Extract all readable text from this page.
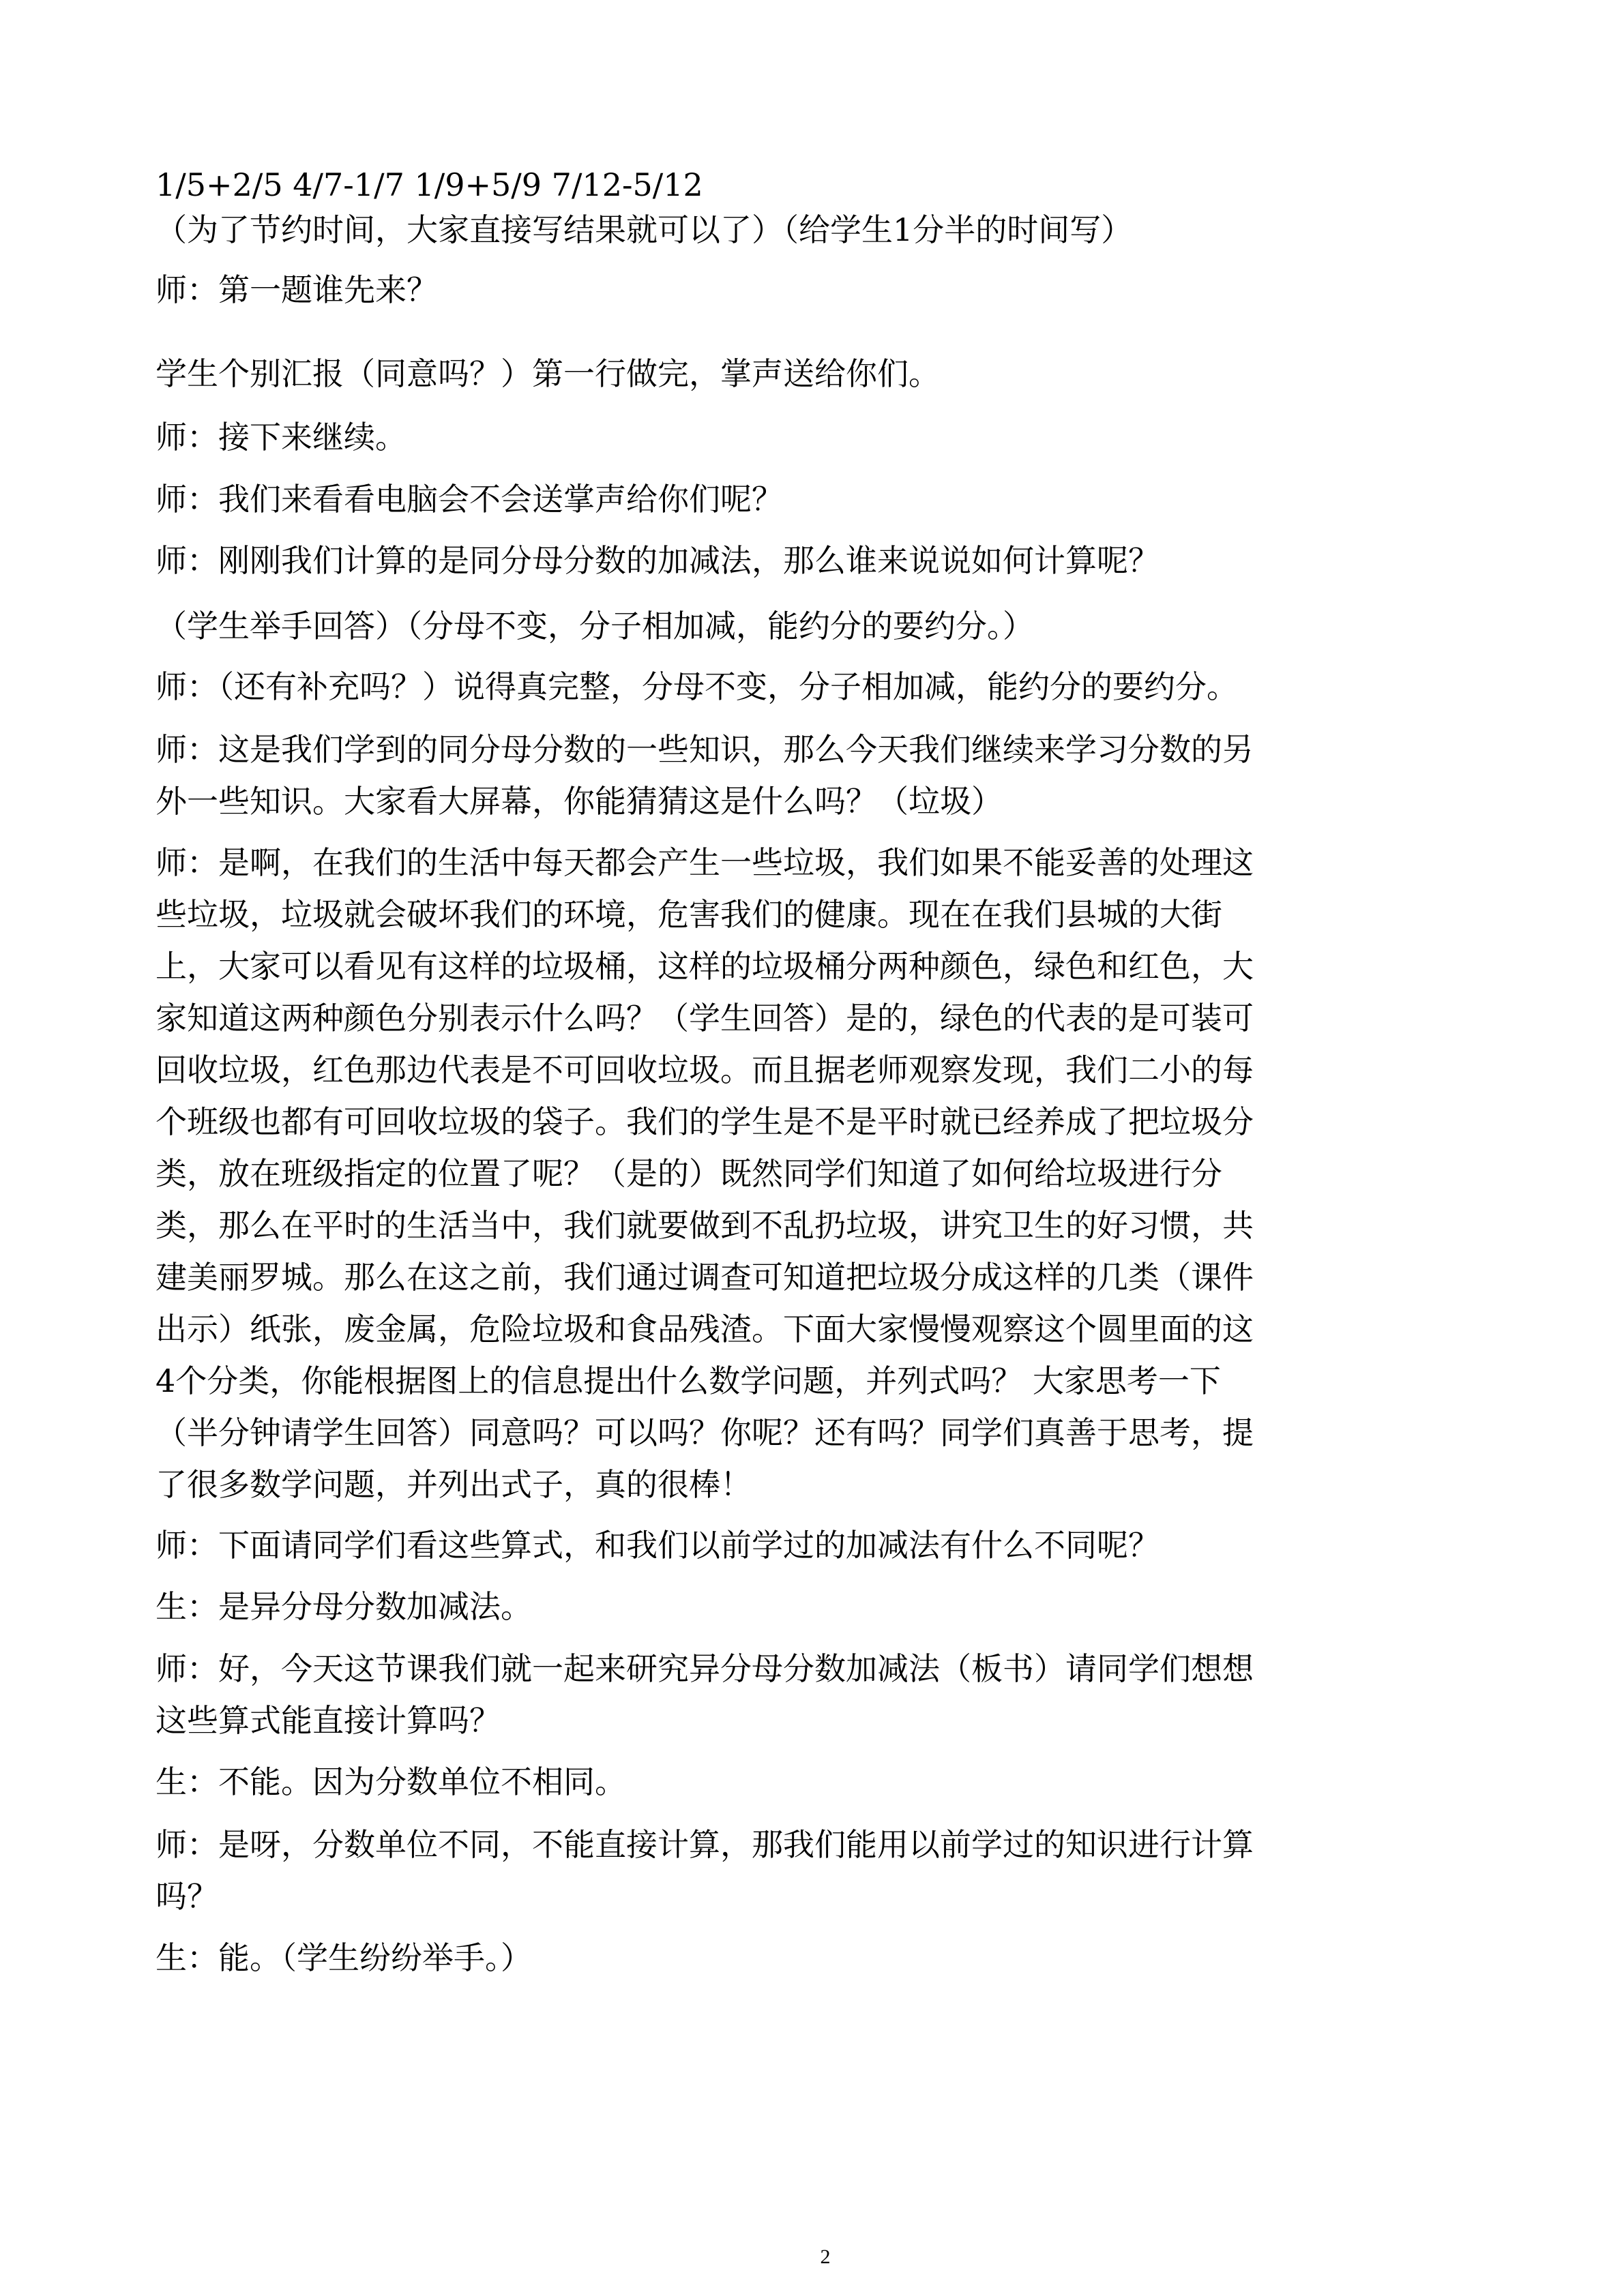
1/5+2/5 4/7-1/7 1/9+5/9 7/12-5/12
（为了节约时间，大家直接写结果就可以了）（给学生1分半的时间写）
师：第一题谁先来？
学生个别汇报（同意吗？）第一行做完，掌声送给你们。
师：接下来继续。
师：我们来看看电脑会不会送掌声给你们呢？
师：刚刚我们计算的是同分母分数的加减法，那么谁来说说如何计算呢？
（学生举手回答）（分母不变，分子相加减，能约分的要约分。）
师：（还有补充吗？）说得真完整，分母不变，分子相加减，能约分的要约分。
师：这是我们学到的同分母分数的一些知识，那么今天我们继续来学习分数的另
外一些知识。大家看大屏幕，你能猜猜这是什么吗？（垃圾）
师：是啊，在我们的生活中每天都会产生一些垃圾，我们如果不能妥善的处理这
些垃圾，垃圾就会破坏我们的环境，危害我们的健康。现在在我们县城的大街
上，大家可以看见有这样的垃圾桶，这样的垃圾桶分两种颜色，绿色和红色，大
家知道这两种颜色分别表示什么吗？（学生回答）是的，绿色的代表的是可装可
回收垃圾，红色那边代表是不可回收垃圾。而且据老师观察发现，我们二小的每
个班级也都有可回收垃圾的袋子。我们的学生是不是平时就已经养成了把垃圾分
类，放在班级指定的位置了呢？（是的）既然同学们知道了如何给垃圾进行分
类，那么在平时的生活当中，我们就要做到不乱扔垃圾，讲究卫生的好习惯，共
建美丽罗城。那么在这之前，我们通过调查可知道把垃圾分成这样的几类（课件
出示）纸张，废金属，危险垃圾和食品残渣。下面大家慢慢观察这个圆里面的这
4个分类，你能根据图上的信息提出什么数学问题，并列式吗？ 大家思考一下
（半分钟请学生回答）同意吗？可以吗？你呢？还有吗？同学们真善于思考，提
了很多数学问题，并列出式子，真的很棒！
师：下面请同学们看这些算式，和我们以前学过的加减法有什么不同呢？
生：是异分母分数加减法。
师：好，今天这节课我们就一起来研究异分母分数加减法（板书）请同学们想想
这些算式能直接计算吗？
生：不能。因为分数单位不相同。
师：是呀，分数单位不同，不能直接计算，那我们能用以前学过的知识进行计算
吗？
生：能。（学生纷纷举手。）
2
